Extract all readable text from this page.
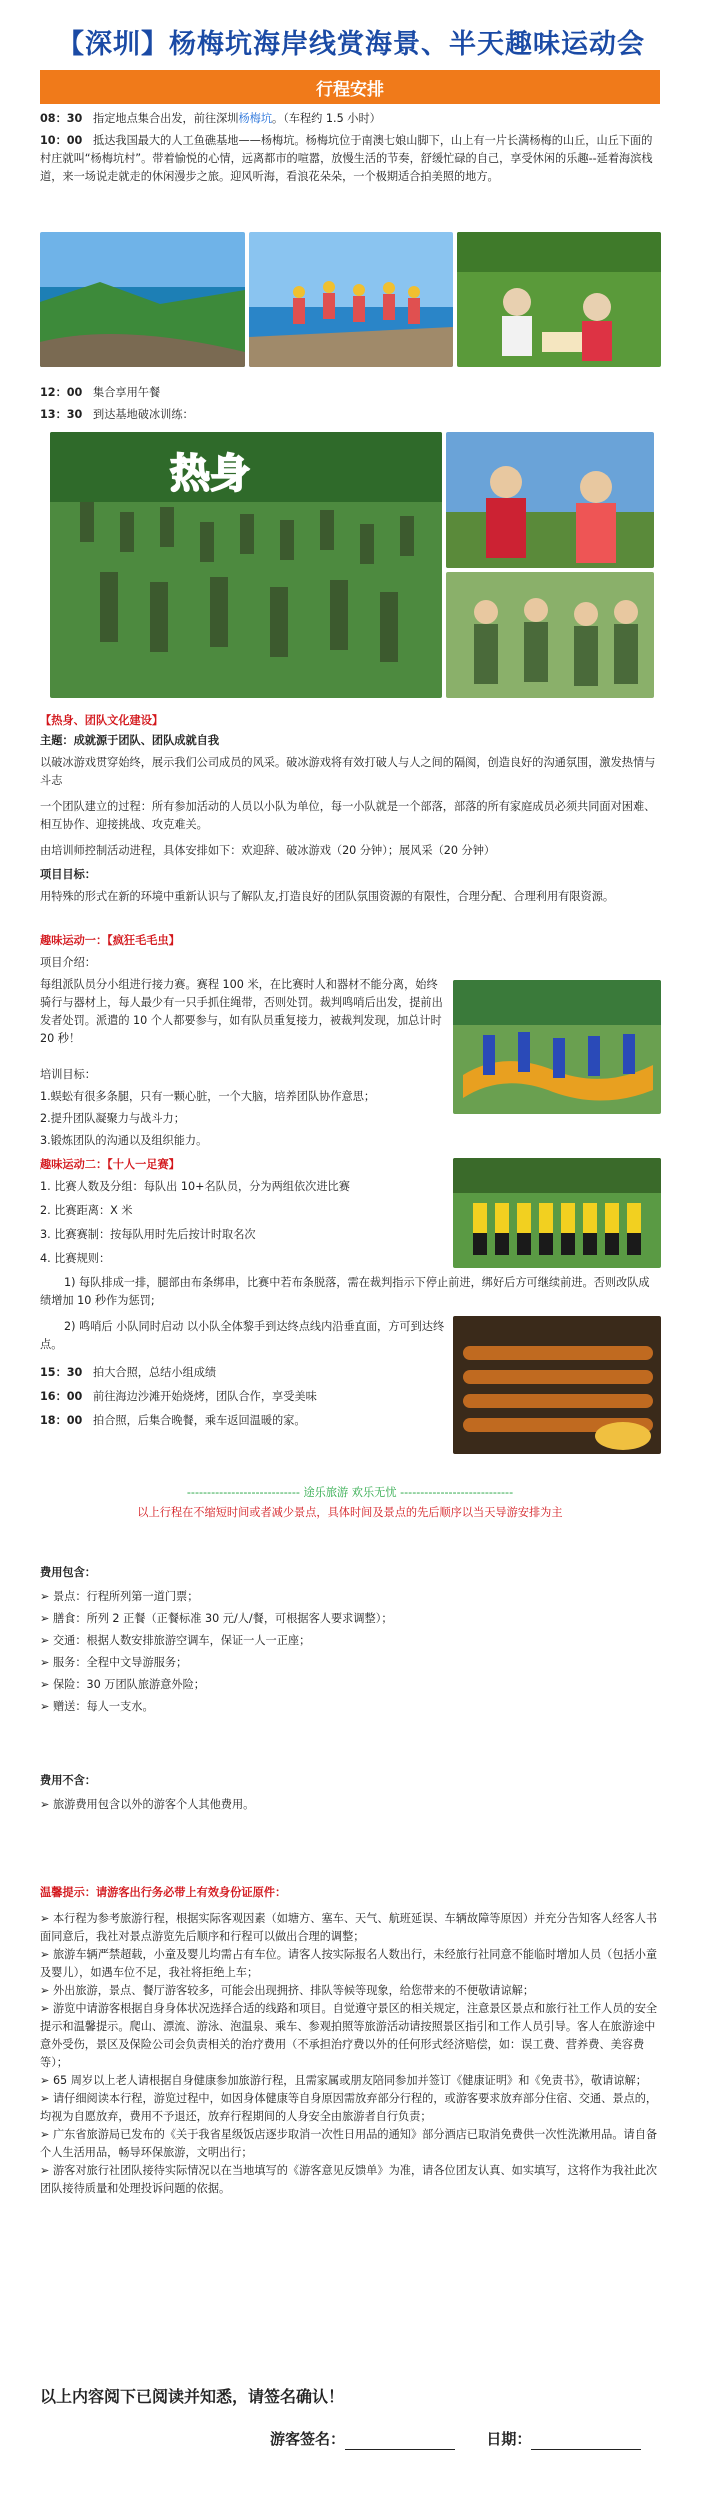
【深圳】杨梅坑海岸线赏海景、半天趣味运动会
行程安排
08：30 指定地点集合出发，前往深圳杨梅坑。（车程约 1.5 小时）
10：00 抵达我国最大的人工鱼礁基地——杨梅坑。杨梅坑位于南澳七娘山脚下，山上有一片长满杨梅的山丘，山丘下面的村庄就叫“杨梅坑村”。带着愉悦的心情，远离都市的喧嚣，放慢生活的节奏，舒缓忙碌的自己，享受休闲的乐趣--延着海滨栈道，来一场说走就走的休闲漫步之旅。迎风听海，看浪花朵朵，一个极期适合拍美照的地方。
12：00 集合享用午餐
13：30 到达基地破冰训练：
热身
【热身、团队文化建设】
主题：成就源于团队、团队成就自我
以破冰游戏贯穿始终，展示我们公司成员的风采。破冰游戏将有效打破人与人之间的隔阂，创造良好的沟通氛围，激发热情与斗志
一个团队建立的过程：所有参加活动的人员以小队为单位，每一小队就是一个部落，部落的所有家庭成员必须共同面对困难、相互协作、迎接挑战、攻克难关。
由培训师控制活动进程，具体安排如下：欢迎辞、破冰游戏（20 分钟）；展风采（20 分钟）
项目目标：
用特殊的形式在新的环境中重新认识与了解队友,打造良好的团队氛围资源的有限性，合理分配、合理利用有限资源。
趣味运动一：【疯狂毛毛虫】
项目介绍：
每组派队员分小组进行接力赛。赛程 100 米，在比赛时人和器材不能分离，始终骑行与器材上，每人最少有一只手抓住绳带，否则处罚。裁判鸣哨后出发，提前出发者处罚。派遣的 10 个人都要参与，如有队员重复接力，被裁判发现，加总计时 20 秒！
培训目标：
1.蜈蚣有很多条腿，只有一颗心脏，一个大脑，培养团队协作意思；
2.提升团队凝聚力与战斗力；
3.锻炼团队的沟通以及组织能力。
趣味运动二：【十人一足赛】
1. 比赛人数及分组：每队出 10+名队员，分为两组依次进比赛
2. 比赛距离：X 米
3. 比赛赛制：按每队用时先后按计时取名次
4. 比赛规则：
1) 每队排成一排，腿部由布条绑串，比赛中若布条脱落，需在裁判指示下停止前进，绑好后方可继续前进。否则改队成绩增加 10 秒作为惩罚;
2) 鸣哨后 小队同时启动 以小队全体黎手到达终点线内沿垂直面，方可到达终点。
15：30 拍大合照，总结小组成绩
16：00 前往海边沙滩开始烧烤，团队合作，享受美味
18：00 拍合照，后集合晚餐，乘车返回温暖的家。
---------------------------- 途乐旅游 欢乐无忧 ----------------------------
以上行程在不缩短时间或者减少景点，具体时间及景点的先后顺序以当天导游安排为主
费用包含：
➢ 景点：行程所列第一道门票；
➢ 膳食：所列 2 正餐（正餐标准 30 元/人/餐，可根据客人要求调整）；
➢ 交通：根据人数安排旅游空调车，保证一人一正座；
➢ 服务：全程中文导游服务；
➢ 保险：30 万团队旅游意外险；
➢ 赠送：每人一支水。
费用不含：
➢ 旅游费用包含以外的游客个人其他费用。
温馨提示：请游客出行务必带上有效身份证原件：
➢ 本行程为参考旅游行程，根据实际客观因素（如塘方、塞车、天气、航班延误、车辆故障等原因）并充分告知客人经客人书面同意后，我社对景点游览先后顺序和行程可以做出合理的调整；
➢ 旅游车辆严禁超载，小童及婴儿均需占有车位。请客人按实际报名人数出行，未经旅行社同意不能临时增加人员（包括小童及婴儿），如遇车位不足，我社将拒绝上车；
➢ 外出旅游，景点、餐厅游客较多，可能会出现拥挤、排队等候等现象，给您带来的不便敬请谅解；
➢ 游览中请游客根据自身身体状况选择合适的线路和项目。自觉遵守景区的相关规定，注意景区景点和旅行社工作人员的安全提示和温馨提示。爬山、漂流、游泳、泡温泉、乘车、参观拍照等旅游活动请按照景区指引和工作人员引导。客人在旅游途中意外受伤，景区及保险公司会负责相关的治疗费用（不承担治疗费以外的任何形式经济赔偿，如：误工费、营养费、美容费等）；
➢ 65 周岁以上老人请根据自身健康参加旅游行程，且需家属或朋友陪同参加并签订《健康证明》和《免责书》，敬请谅解；
➢ 请仔细阅读本行程，游览过程中，如因身体健康等自身原因需放弃部分行程的，或游客要求放弃部分住宿、交通、景点的，均视为自愿放弃，费用不予退还，放弃行程期间的人身安全由旅游者自行负责；
➢ 广东省旅游局已发布的《关于我省星级饭店逐步取消一次性日用品的通知》部分酒店已取消免费供一次性洗漱用品。请自备个人生活用品，畅导环保旅游，文明出行；
➢ 游客对旅行社团队接待实际情况以在当地填写的《游客意见反馈单》为准，请各位团友认真、如实填写，这将作为我社此次团队接待质量和处理投诉问题的依据。
以上内容阅下已阅读并知悉，请签名确认！
游客签名：	日期：
